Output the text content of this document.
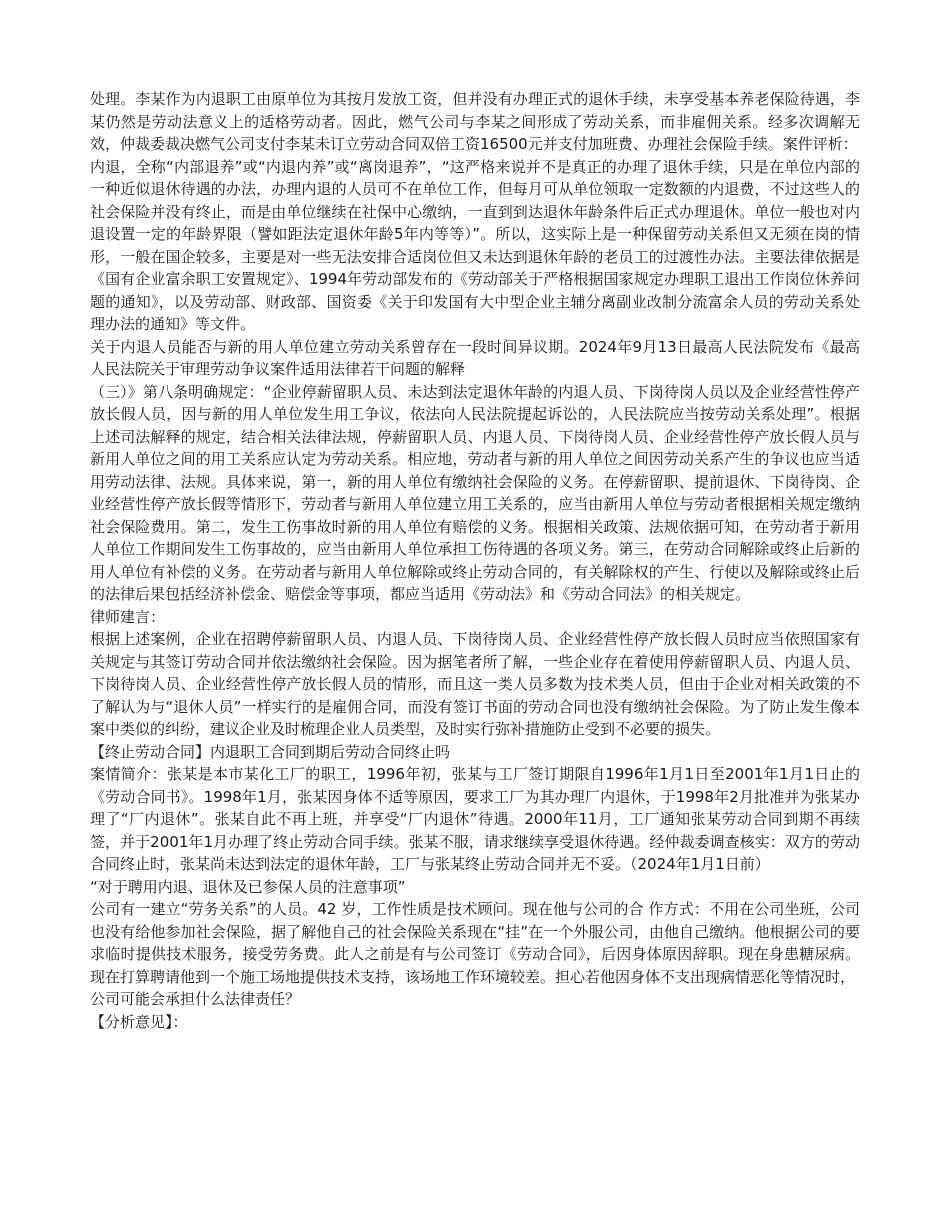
处理。李某作为内退职工由原单位为其按月发放工资，但并没有办理正式的退休手续，未享受基本养老保险待遇，李某仍然是劳动法意义上的适格劳动者。因此，燃气公司与李某之间形成了劳动关系，而非雇佣关系。经多次调解无效，仲裁委裁决燃气公司支付李某未订立劳动合同双倍工资16500元并支付加班费、办理社会保险手续。案件评析：

内退，全称“内部退养”或“内退内养”或“离岗退养”，“这严格来说并不是真正的办理了退休手续，只是在单位内部的一种近似退休待遇的办法，办理内退的人员可不在单位工作，但每月可从单位领取一定数额的内退费，不过这些人的社会保险并没有终止，而是由单位继续在社保中心缴纳，一直到到达退休年龄条件后正式办理退休。单位一般也对内退设置一定的年龄界限（譬如距法定退休年龄5年内等等）”。所以，这实际上是一种保留劳动关系但又无须在岗的情形，一般在国企较多，主要是对一些无法安排合适岗位但又未达到退休年龄的老员工的过渡性办法。主要法律依据是《国有企业富余职工安置规定》、1994年劳动部发布的《劳动部关于严格根据国家规定办理职工退出工作岗位休养问题的通知》，以及劳动部、财政部、国资委《关于印发国有大中型企业主辅分离副业改制分流富余人员的劳动关系处理办法的通知》等文件。

关于内退人员能否与新的用人单位建立劳动关系曾存在一段时间异议期。2024年9月13日最高人民法院发布《最高人民法院关于审理劳动争议案件适用法律若干问题的解释

（三）》第八条明确规定：“企业停薪留职人员、未达到法定退休年龄的内退人员、下岗待岗人员以及企业经营性停产放长假人员，因与新的用人单位发生用工争议，依法向人民法院提起诉讼的，人民法院应当按劳动关系处理”。根据上述司法解释的规定，结合相关法律法规，停薪留职人员、内退人员、下岗待岗人员、企业经营性停产放长假人员与新用人单位之间的用工关系应认定为劳动关系。相应地，劳动者与新的用人单位之间因劳动关系产生的争议也应当适用劳动法律、法规。具体来说，第一，新的用人单位有缴纳社会保险的义务。在停薪留职、提前退休、下岗待岗、企业经营性停产放长假等情形下，劳动者与新用人单位建立用工关系的，应当由新用人单位与劳动者根据相关规定缴纳社会保险费用。第二，发生工伤事故时新的用人单位有赔偿的义务。根据相关政策、法规依据可知，在劳动者于新用人单位工作期间发生工伤事故的，应当由新用人单位承担工伤待遇的各项义务。第三，在劳动合同解除或终止后新的用人单位有补偿的义务。在劳动者与新用人单位解除或终止劳动合同的，有关解除权的产生、行使以及解除或终止后的法律后果包括经济补偿金、赔偿金等事项，都应当适用《劳动法》和《劳动合同法》的相关规定。

律师建言：

根据上述案例，企业在招聘停薪留职人员、内退人员、下岗待岗人员、企业经营性停产放长假人员时应当依照国家有关规定与其签订劳动合同并依法缴纳社会保险。因为据笔者所了解，一些企业存在着使用停薪留职人员、内退人员、下岗待岗人员、企业经营性停产放长假人员的情形，而且这一类人员多数为技术类人员，但由于企业对相关政策的不了解认为与“退休人员”一样实行的是雇佣合同，而没有签订书面的劳动合同也没有缴纳社会保险。为了防止发生像本案中类似的纠纷，建议企业及时梳理企业人员类型，及时实行弥补措施防止受到不必要的损失。

【终止劳动合同】内退职工合同到期后劳动合同终止吗

案情简介：张某是本市某化工厂的职工，1996年初，张某与工厂签订期限自1996年1月1日至2001年1月1日止的《劳动合同书》。1998年1月，张某因身体不适等原因，要求工厂为其办理厂内退休，于1998年2月批准并为张某办理了“厂内退休”。张某自此不再上班，并享受“厂内退休”待遇。2000年11月，工厂通知张某劳动合同到期不再续签，并于2001年1月办理了终止劳动合同手续。张某不服，请求继续享受退休待遇。经仲裁委调查核实：双方的劳动合同终止时，张某尚未达到法定的退休年龄，工厂与张某终止劳动合同并无不妥。（2024年1月1日前）

“对于聘用内退、退休及已参保人员的注意事项”

公司有一建立“劳务关系”的人员。42 岁，工作性质是技术顾问。现在他与公司的合 作方式：不用在公司坐班，公司也没有给他参加社会保险，据了解他自己的社会保险关系现在“挂”在一个外服公司，由他自己缴纳。他根据公司的要求临时提供技术服务，接受劳务费。此人之前是有与公司签订《劳动合同》，后因身体原因辞职。现在身患糖尿病。现在打算聘请他到一个施工场地提供技术支持，该场地工作环境较差。担心若他因身体不支出现病情恶化等情况时，

公司可能会承担什么法律责任？

【分析意见】：
